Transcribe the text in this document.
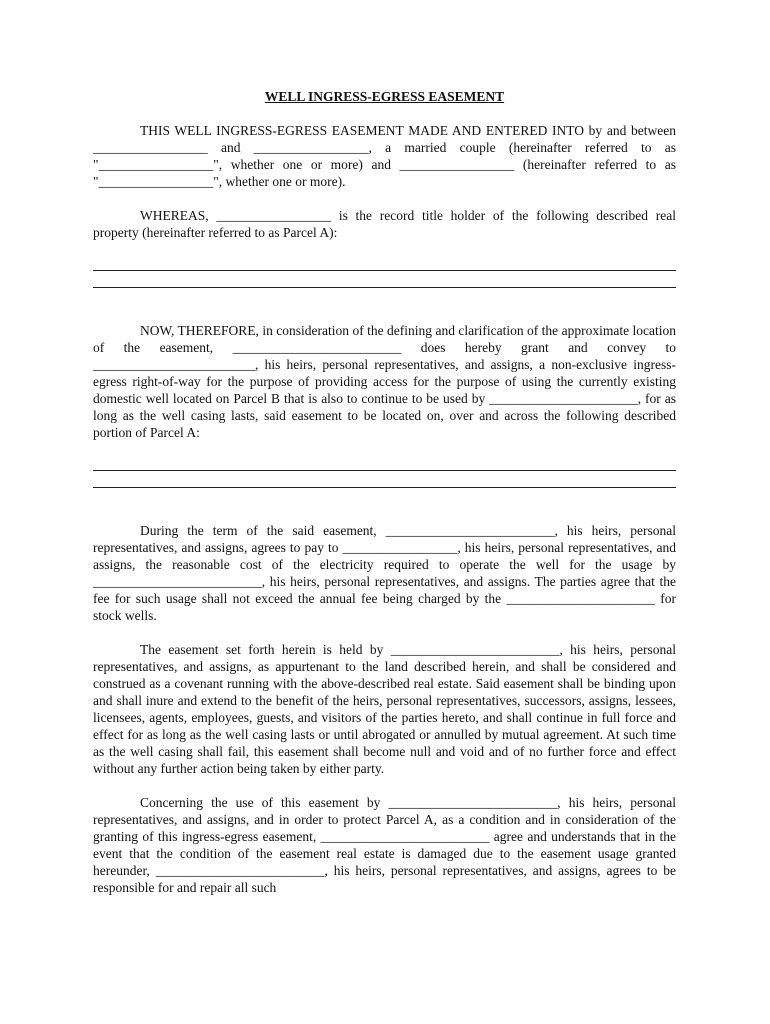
WELL INGRESS-EGRESS EASEMENT

THIS WELL INGRESS-EGRESS EASEMENT MADE AND ENTERED INTO by and between _________________ and _________________, a married couple (hereinafter referred to as "_________________", whether one or more) and _________________ (hereinafter referred to as "_________________", whether one or more).

WHEREAS, _________________ is the record title holder of the following described real property (hereinafter referred to as Parcel A):

NOW, THEREFORE, in consideration of the defining and clarification of the approximate location of the easement, _________________________ does hereby grant and convey to ________________________, his heirs, personal representatives, and assigns, a non-exclusive ingress-egress right-of-way for the purpose of providing access for the purpose of using the currently existing domestic well located on Parcel B that is also to continue to be used by ______________________, for as long as the well casing lasts, said easement to be located on, over and across the following described portion of Parcel A:

During the term of the said easement, _________________________, his heirs, personal representatives, and assigns, agrees to pay to _________________, his heirs, personal representatives, and assigns, the reasonable cost of the electricity required to operate the well for the usage by _________________________, his heirs, personal representatives, and assigns. The parties agree that the fee for such usage shall not exceed the annual fee being charged by the ______________________ for stock wells.

The easement set forth herein is held by _________________________, his heirs, personal representatives, and assigns, as appurtenant to the land described herein, and shall be considered and construed as a covenant running with the above-described real estate. Said easement shall be binding upon and shall inure and extend to the benefit of the heirs, personal representatives, successors, assigns, lessees, licensees, agents, employees, guests, and visitors of the parties hereto, and shall continue in full force and effect for as long as the well casing lasts or until abrogated or annulled by mutual agreement. At such time as the well casing shall fail, this easement shall become null and void and of no further force and effect without any further action being taken by either party.

Concerning the use of this easement by _________________________, his heirs, personal representatives, and assigns, and in order to protect Parcel A, as a condition and in consideration of the granting of this ingress-egress easement, _________________________ agree and understands that in the event that the condition of the easement real estate is damaged due to the easement usage granted hereunder, _________________________, his heirs, personal representatives, and assigns, agrees to be responsible for and repair all such
